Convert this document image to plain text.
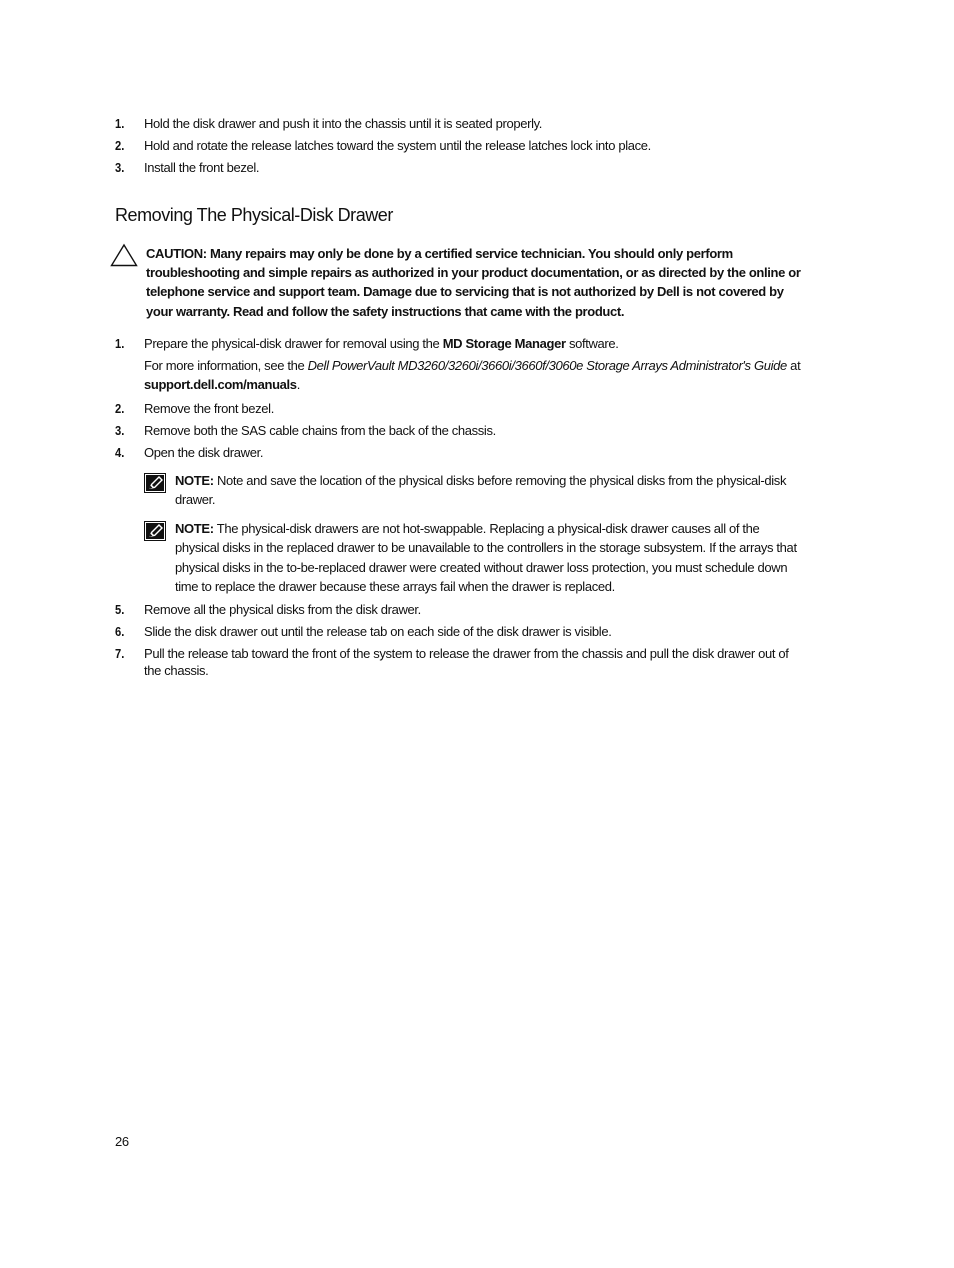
1. Hold the disk drawer and push it into the chassis until it is seated properly.
2. Hold and rotate the release latches toward the system until the release latches lock into place.
3. Install the front bezel.
Removing The Physical-Disk Drawer
CAUTION: Many repairs may only be done by a certified service technician. You should only perform troubleshooting and simple repairs as authorized in your product documentation, or as directed by the online or telephone service and support team. Damage due to servicing that is not authorized by Dell is not covered by your warranty. Read and follow the safety instructions that came with the product.
1. Prepare the physical-disk drawer for removal using the MD Storage Manager software.
For more information, see the Dell PowerVault MD3260/3260i/3660i/3660f/3060e Storage Arrays Administrator's Guide at support.dell.com/manuals.
2. Remove the front bezel.
3. Remove both the SAS cable chains from the back of the chassis.
4. Open the disk drawer.
NOTE: Note and save the location of the physical disks before removing the physical disks from the physical-disk drawer.
NOTE: The physical-disk drawers are not hot-swappable. Replacing a physical-disk drawer causes all of the physical disks in the replaced drawer to be unavailable to the controllers in the storage subsystem. If the arrays that physical disks in the to-be-replaced drawer were created without drawer loss protection, you must schedule down time to replace the drawer because these arrays fail when the drawer is replaced.
5. Remove all the physical disks from the disk drawer.
6. Slide the disk drawer out until the release tab on each side of the disk drawer is visible.
7. Pull the release tab toward the front of the system to release the drawer from the chassis and pull the disk drawer out of the chassis.
26
